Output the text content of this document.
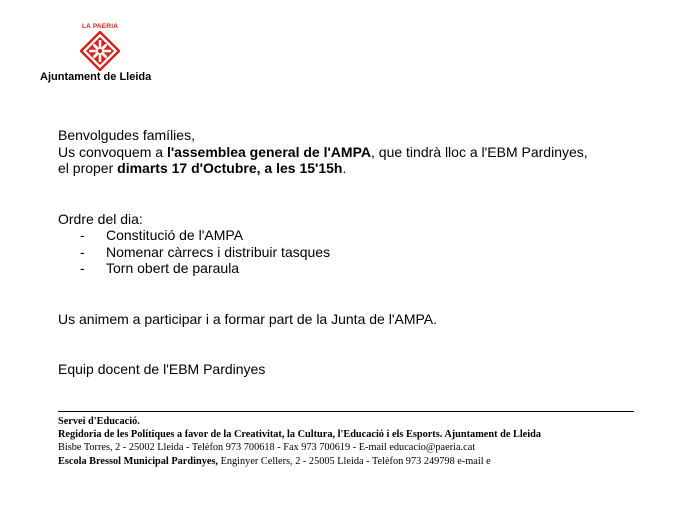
LA PAERIA
Ajuntament de Lleida

Benvolgudes famílies,

Us convoquem a l'assemblea general de l'AMPA, que tindrà lloc a l'EBM Pardinyes,

el proper dimarts 17 d'Octubre, a les 15'15h.

Ordre del dia:

- Constitució de l'AMPA
- Nomenar càrrecs i distribuir tasques
- Torn obert de paraula

Us animem a participar i a formar part de la Junta de l'AMPA.

Equip docent de l'EBM Pardinyes

Servei d'Educació.
Regidoria de les Polítiques a favor de la Creativitat, la Cultura, l'Educació i els Esports. Ajuntament de Lleida
Bisbe Torres, 2 - 25002 Lleida - Telèfon 973 700618 - Fax 973 700619 - E-mail educacio@paeria.cat
Escola Bressol Municipal Pardinyes, Enginyer Cellers, 2 - 25005 Lleida - Telèfon 973 249798 e-mail e
